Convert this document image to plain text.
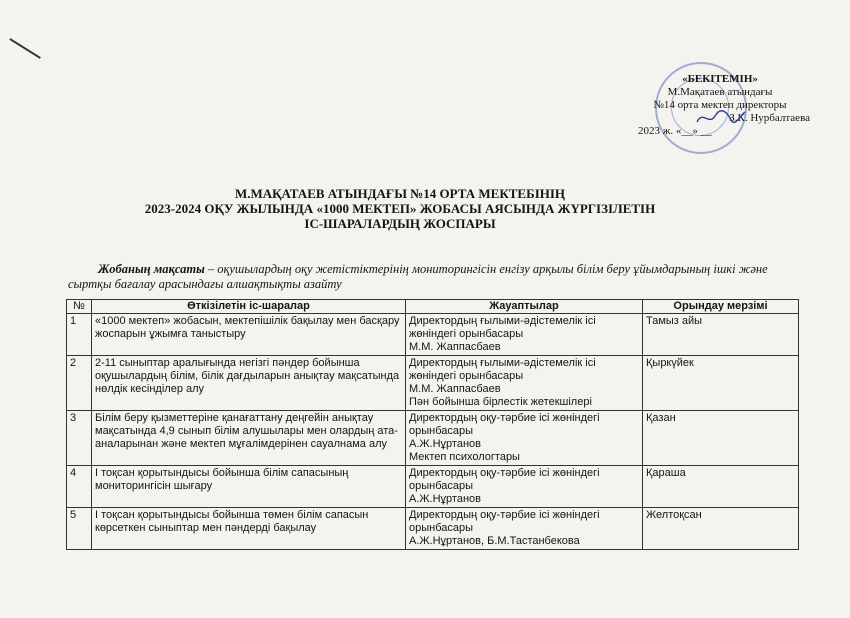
«БЕКІТЕМІН»
М.Мақатаев атындағы
№14 орта мектеп директоры
З.К. Нурбалтаева
2023 ж. «__» __
М.МАҚАТАЕВ АТЫНДАҒЫ №14 ОРТА МЕКТЕБІНІҢ
2023-2024 ОҚУ ЖЫЛЫНДА «1000 МЕКТЕП» ЖОБАСЫ АЯСЫНДА ЖҮРГІЗІЛЕТІН
ІС-ШАРАЛАРДЫҢ ЖОСПАРЫ
Жобаның мақсаты – оқушылардың оқу жетістіктерінің мониторингісін енгізу арқылы білім беру ұйымдарының ішкі және сыртқы бағалау арасындағы алшақтықты азайту
№	Өткізілетін іс-шаралар	Жауаптылар	Орындау мерзімі

1	«1000 мектеп» жобасын, мектепішілік бақылау мен басқару жоспарын ұжымға таныстыру	Директордың ғылыми-әдістемелік ісі
жөніндегі орынбасары
М.М. Жаппасбаев	Тамыз айы
2	2-11 сыныптар аралығында негізгі пәндер бойынша оқушылардың білім, білік дағдыларын анықтау мақсатында нөлдік кесінділер алу	Директордың ғылыми-әдістемелік ісі
жөніндегі орынбасары
М.М. Жаппасбаев
Пән бойынша бірлестік жетекшілері	Қыркүйек
3	Білім беру қызметтеріне қанағаттану деңгейін анықтау мақсатында 4,9 сынып білім алушылары мен олардың ата-аналарынан және мектеп мұғалімдерінен сауалнама алу	Директордың оқу-тәрбие ісі жөніндегі
орынбасары
А.Ж.Нұртанов
Мектеп психологтары	Қазан
4	І тоқсан қорытындысы бойынша білім сапасының мониторингісін шығару	Директордың оқу-тәрбие ісі жөніндегі
орынбасары
А.Ж.Нұртанов	Қараша
5	І тоқсан қорытындысы бойынша төмен білім сапасын көрсеткен сыныптар мен пәндерді бақылау	Директордың оқу-тәрбие ісі жөніндегі
орынбасары
А.Ж.Нұртанов, Б.М.Тастанбекова	Желтоқсан
